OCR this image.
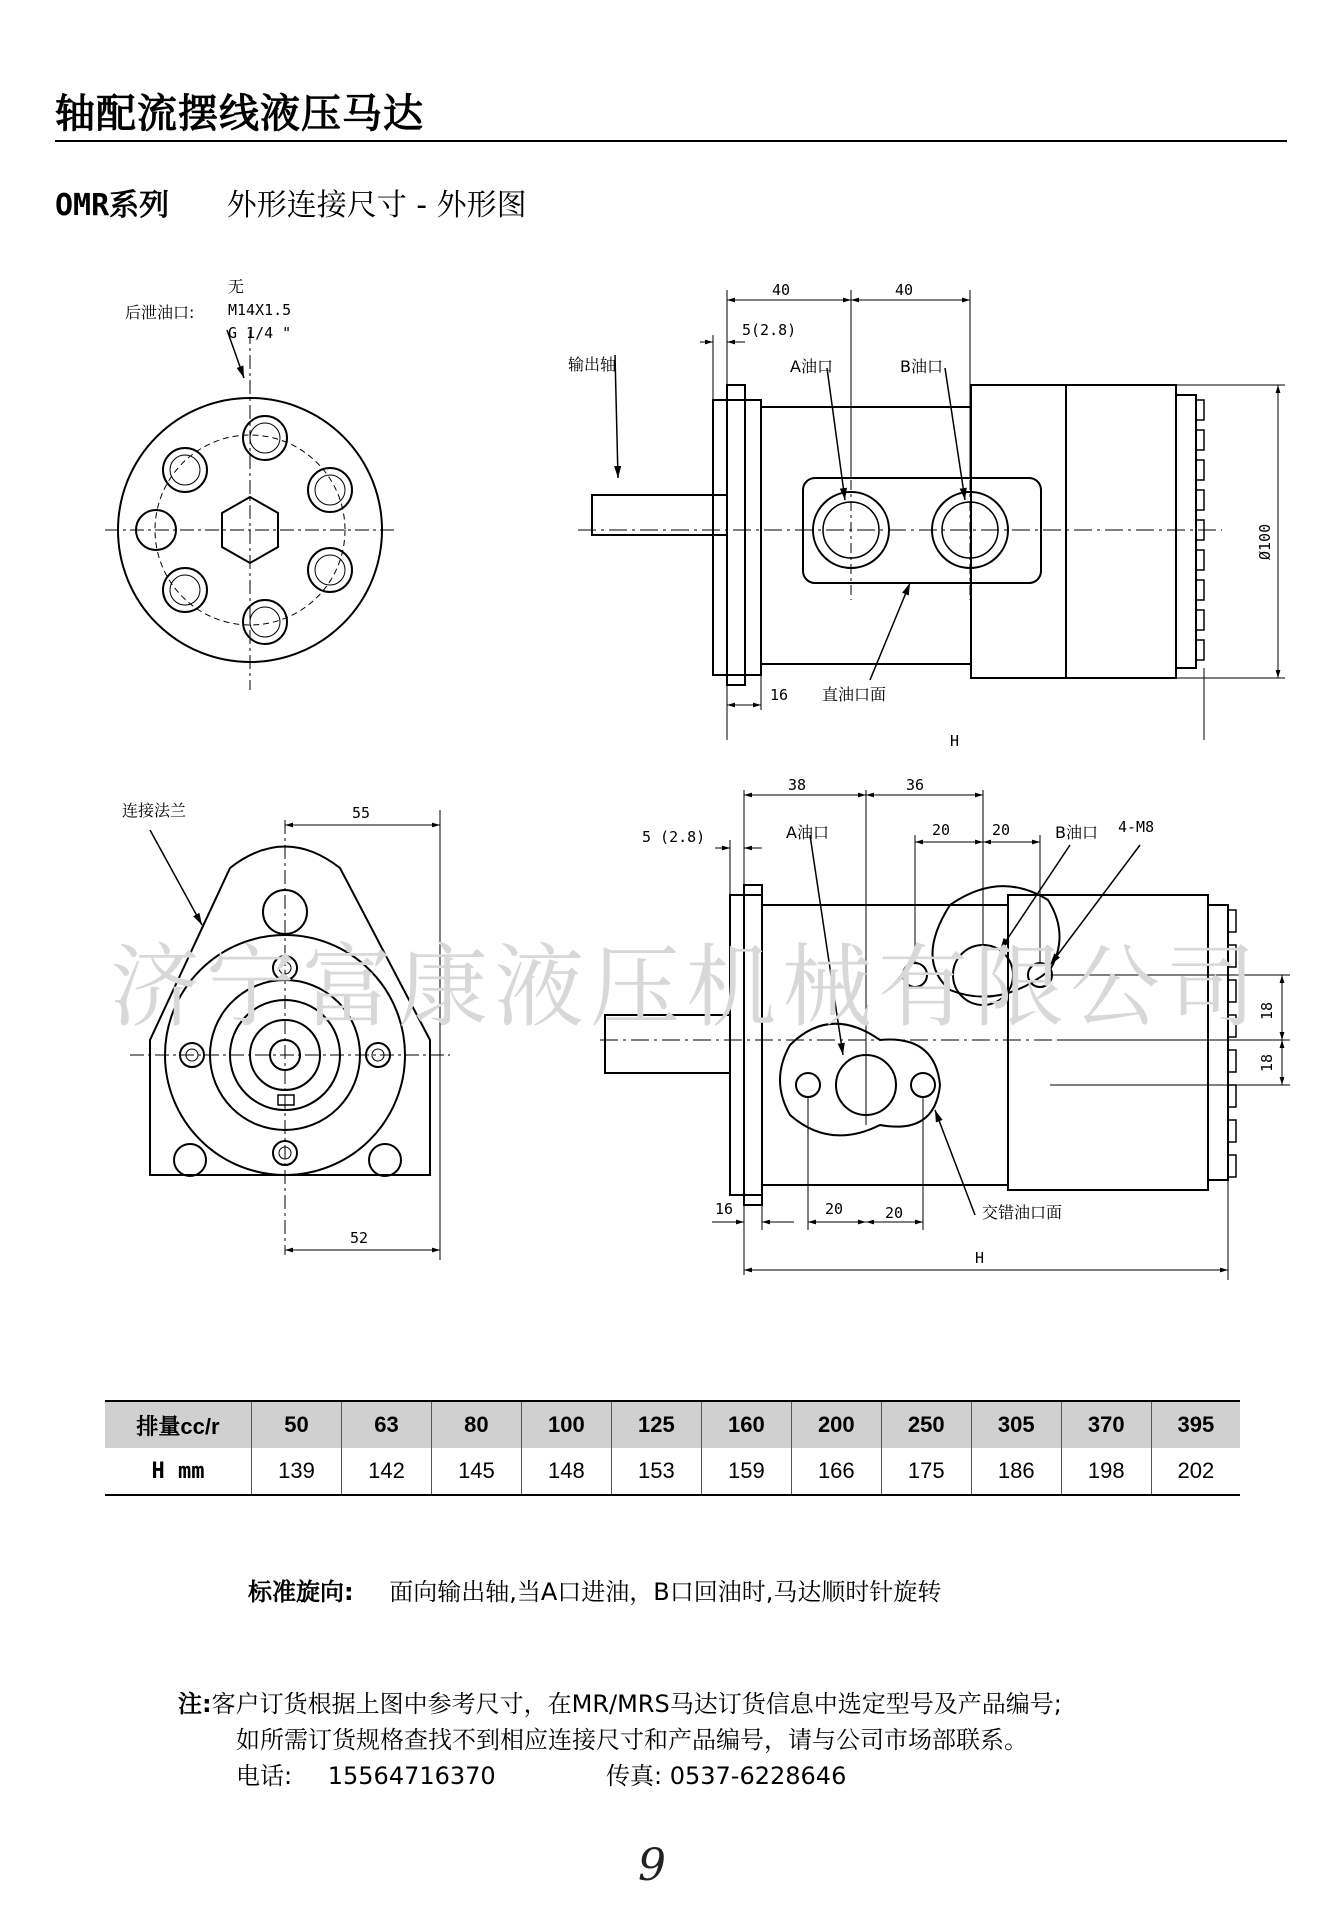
轴配流摆线液压马达
OMR系列 外形连接尺寸 - 外形图
后泄油口:
无
M14X1.5
G 1/4 "
40	40
5(2.8)
输出轴	A油口	B油口
Ø100
16 直油口面
H
连接法兰	55
52
38	36
5 (2.8)	A油口	20	20	B油口 4-M8
18
18
16	20	20	交错油口面
H
济宁富康液压机械有限公司
排量cc/r	50	63	80	100	125	160	200	250	305	370	395
H mm	139	142	145	148	153	159	166	175	186	198	202
标准旋向: 面向输出轴,当A口进油，B口回油时,马达顺时针旋转
注:客户订货根据上图中参考尺寸，在MR/MRS马达订货信息中选定型号及产品编号;
如所需订货规格查找不到相应连接尺寸和产品编号，请与公司市场部联系。
电话: 15564716370	传真: 0537-6228646
9
